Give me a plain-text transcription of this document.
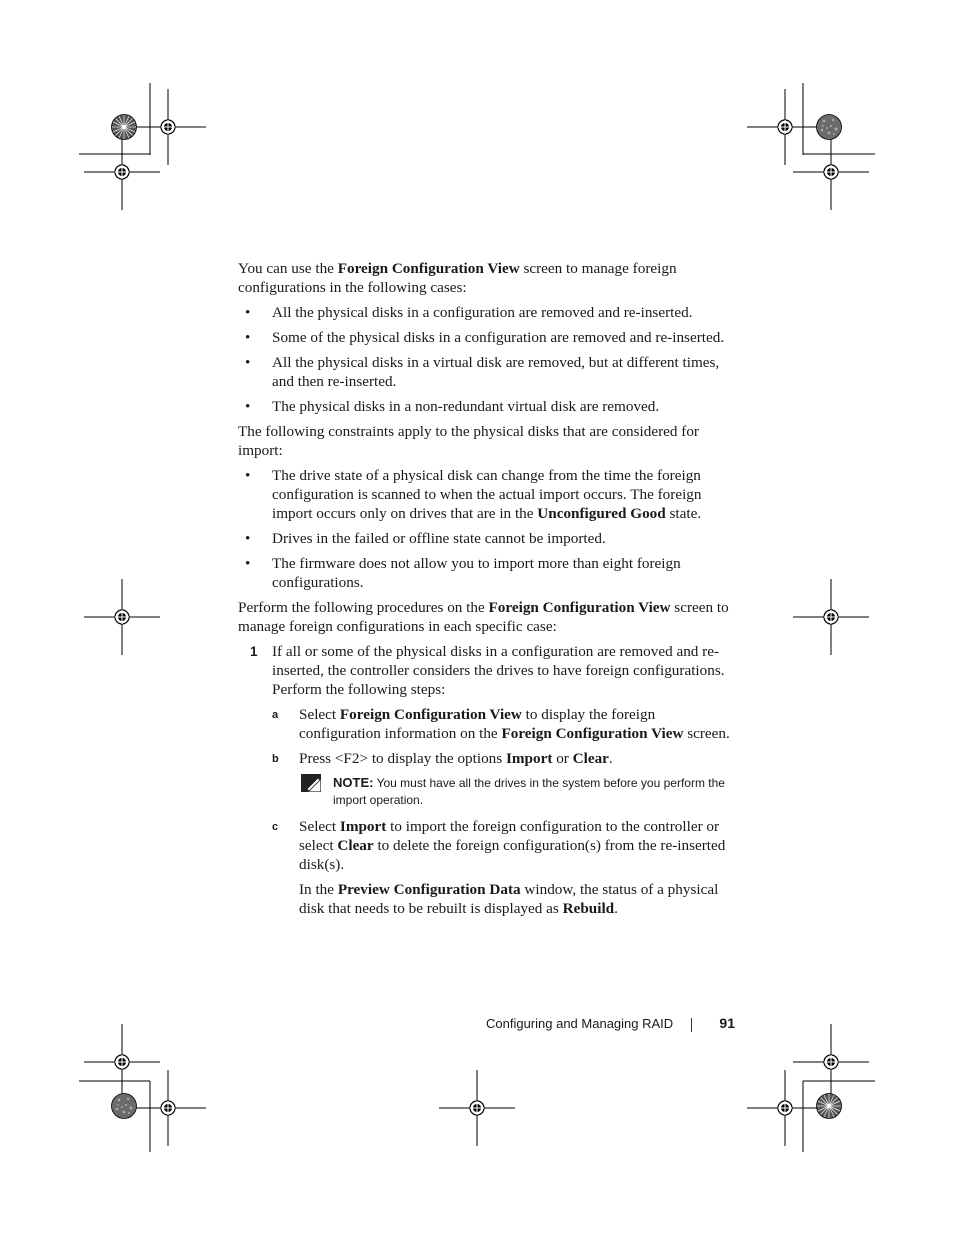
You can use the Foreign Configuration View screen to manage foreign configurations in the following cases:

• All the physical disks in a configuration are removed and re-inserted.
• Some of the physical disks in a configuration are removed and re-inserted.
• All the physical disks in a virtual disk are removed, but at different times, and then re-inserted.
• The physical disks in a non-redundant virtual disk are removed.

The following constraints apply to the physical disks that are considered for import:

• The drive state of a physical disk can change from the time the foreign configuration is scanned to when the actual import occurs. The foreign import occurs only on drives that are in the Unconfigured Good state.
• Drives in the failed or offline state cannot be imported.
• The firmware does not allow you to import more than eight foreign configurations.

Perform the following procedures on the Foreign Configuration View screen to manage foreign configurations in each specific case:

1 If all or some of the physical disks in a configuration are removed and re-inserted, the controller considers the drives to have foreign configurations. Perform the following steps:
a Select Foreign Configuration View to display the foreign configuration information on the Foreign Configuration View screen.
b Press <F2> to display the options Import or Clear.
NOTE: You must have all the drives in the system before you perform the import operation.
c Select Import to import the foreign configuration to the controller or select Clear to delete the foreign configuration(s) from the re-inserted disk(s).

In the Preview Configuration Data window, the status of a physical disk that needs to be rebuilt is displayed as Rebuild.

Configuring and Managing RAID	91
